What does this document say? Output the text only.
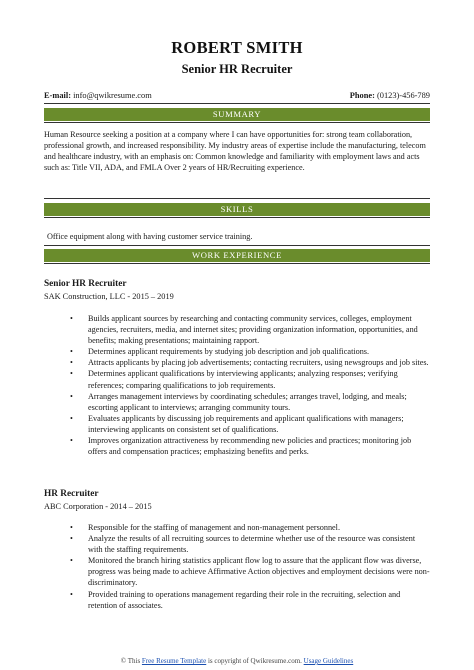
ROBERT SMITH
Senior HR Recruiter
E-mail: info@qwikresume.com	Phone: (0123)-456-789
SUMMARY
Human Resource seeking a position at a company where I can have opportunities for: strong team collaboration, professional growth, and increased responsibility. My industry areas of expertise include the manufacturing, telecom and healthcare industry, with an emphasis on: Common knowledge and familiarity with employment laws and acts such as: Title VII, ADA, and FMLA Over 2 years of HR/Recruiting experience.
SKILLS
Office equipment along with having customer service training.
WORK EXPERIENCE
Senior HR Recruiter
SAK Construction, LLC - 2015 – 2019
• Builds applicant sources by researching and contacting community services, colleges, employment agencies, recruiters, media, and internet sites; providing organization information, opportunities, and benefits; making presentations; maintaining rapport.
• Determines applicant requirements by studying job description and job qualifications.
• Attracts applicants by placing job advertisements; contacting recruiters, using newsgroups and job sites.
• Determines applicant qualifications by interviewing applicants; analyzing responses; verifying references; comparing qualifications to job requirements.
• Arranges management interviews by coordinating schedules; arranges travel, lodging, and meals; escorting applicant to interviews; arranging community tours.
• Evaluates applicants by discussing job requirements and applicant qualifications with managers; interviewing applicants on consistent set of qualifications.
• Improves organization attractiveness by recommending new policies and practices; monitoring job offers and compensation practices; emphasizing benefits and perks.
HR Recruiter
ABC Corporation - 2014 – 2015
• Responsible for the staffing of management and non-management personnel.
• Analyze the results of all recruiting sources to determine whether use of the resource was consistent with the staffing requirements.
• Monitored the branch hiring statistics applicant flow log to assure that the applicant flow was diverse, progress was being made to achieve Affirmative Action objectives and employment decisions were non-discriminatory.
• Provided training to operations management regarding their role in the recruiting, selection and retention of associates.
© This Free Resume Template is copyright of Qwikresume.com. Usage Guidelines
